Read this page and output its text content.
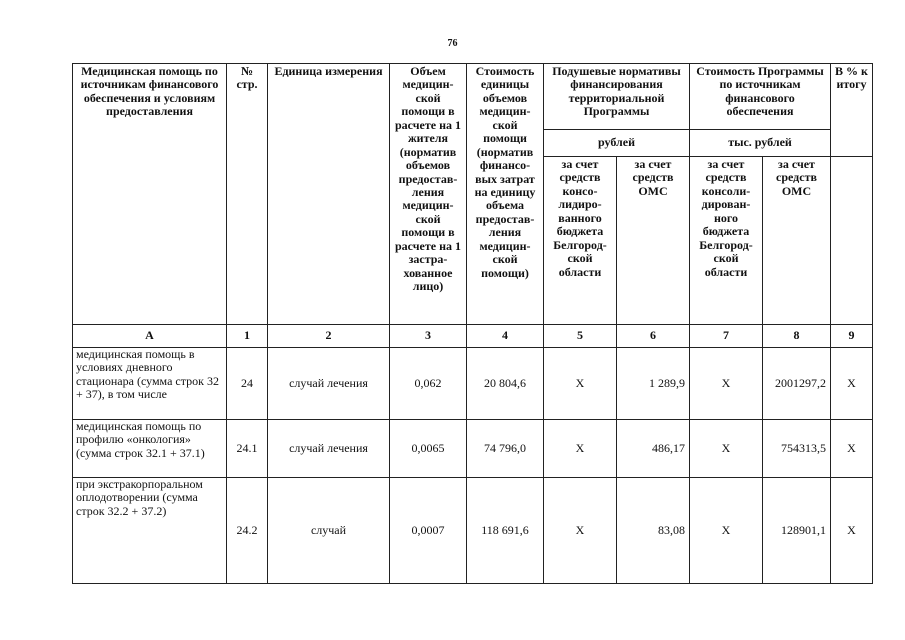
76
Медицинская помощь по источникам финансового обеспечения и условиям предоставления	№ стр.	Единица измерения	Объем медицин-ской помощи в расчете на 1 жителя (норматив объемов предостав-ления медицин-ской помощи в расчете на 1 застра-хованное лицо)	Стоимость единицы объемов медицин-ской помощи (норматив финансо-вых затрат на единицу объема предостав-ления медицин-ской помощи)	Подушевые нормативы финансирования территориальной Программы		Стоимость Программы по источникам финансового обеспечения		В % к итогу
					рублей		тыс. рублей		
					за счет средств консо-лидиро-ванного бюджета Белгород-ской области	за счет средств ОМС	за счет средств консоли-дирован-ного бюджета Белгород-ской области	за счет средств ОМС	
А	1	2	3	4	5	6	7	8	9
медицинская помощь в условиях дневного стационара (сумма строк 32 + 37), в том числе	24	случай лечения	0,062	20 804,6	Х	1 289,9	Х	2001297,2	Х
медицинская помощь по профилю «онкология» (сумма строк 32.1 + 37.1)	24.1	случай лечения	0,0065	74 796,0	Х	486,17	Х	754313,5	Х
при экстракорпоральном оплодотворении (сумма строк 32.2 + 37.2)	24.2	случай	0,0007	118 691,6	Х	83,08	Х	128901,1	Х
